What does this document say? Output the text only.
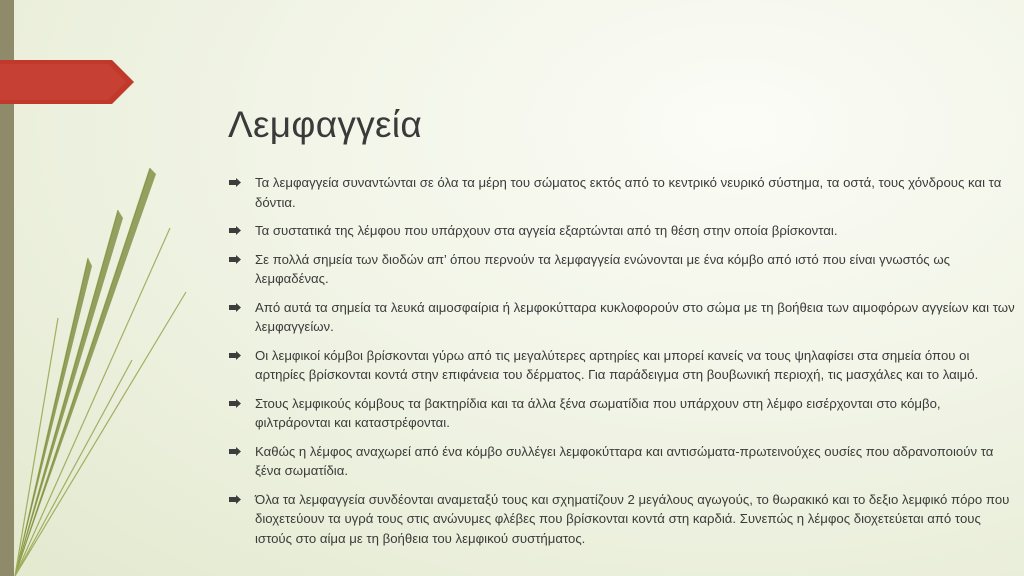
Λεμφαγγεία
Τα λεμφαγγεία συναντώνται σε όλα τα μέρη του σώματος εκτός από το κεντρικό νευρικό σύστημα, τα οστά, τους χόνδρους και τα δόντια.
Τα συστατικά της λέμφου που υπάρχουν στα αγγεία εξαρτώνται από τη θέση στην οποία βρίσκονται.
Σε πολλά σημεία των διοδών απ’ όπου περνούν τα λεμφαγγεία ενώνονται με ένα κόμβο από ιστό που είναι γνωστός ως λεμφαδένας.
Από αυτά τα σημεία τα λευκά αιμοσφαίρια ή λεμφοκύτταρα κυκλοφορούν στο σώμα με τη βοήθεια των αιμοφόρων αγγείων και των λεμφαγγείων.
Οι λεμφικοί κόμβοι βρίσκονται γύρω από τις μεγαλύτερες αρτηρίες και μπορεί κανείς να τους ψηλαφίσει στα σημεία όπου οι αρτηρίες βρίσκονται κοντά στην επιφάνεια του δέρματος. Για παράδειγμα στη βουβωνική περιοχή, τις μασχάλες και το λαιμό.
Στους λεμφικούς κόμβους τα βακτηρίδια και τα άλλα ξένα σωματίδια που υπάρχουν στη λέμφο εισέρχονται στο κόμβο, φιλτράρονται και καταστρέφονται.
Καθώς η λέμφος αναχωρεί από ένα κόμβο συλλέγει λεμφοκύτταρα και αντισώματα-πρωτεινούχες ουσίες που αδρανοποιούν τα ξένα σωματίδια.
Όλα τα λεμφαγγεία συνδέονται αναμεταξύ τους και σχηματίζουν 2 μεγάλους αγωγούς, το θωρακικό και το δεξιο λεμφικό πόρο που διοχετεύουν τα υγρά τους στις ανώνυμες φλέβες που βρίσκονται κοντά στη καρδιά. Συνεπώς η λέμφος διοχετεύεται από τους ιστούς στο αίμα με τη βοήθεια του λεμφικού συστήματος.
